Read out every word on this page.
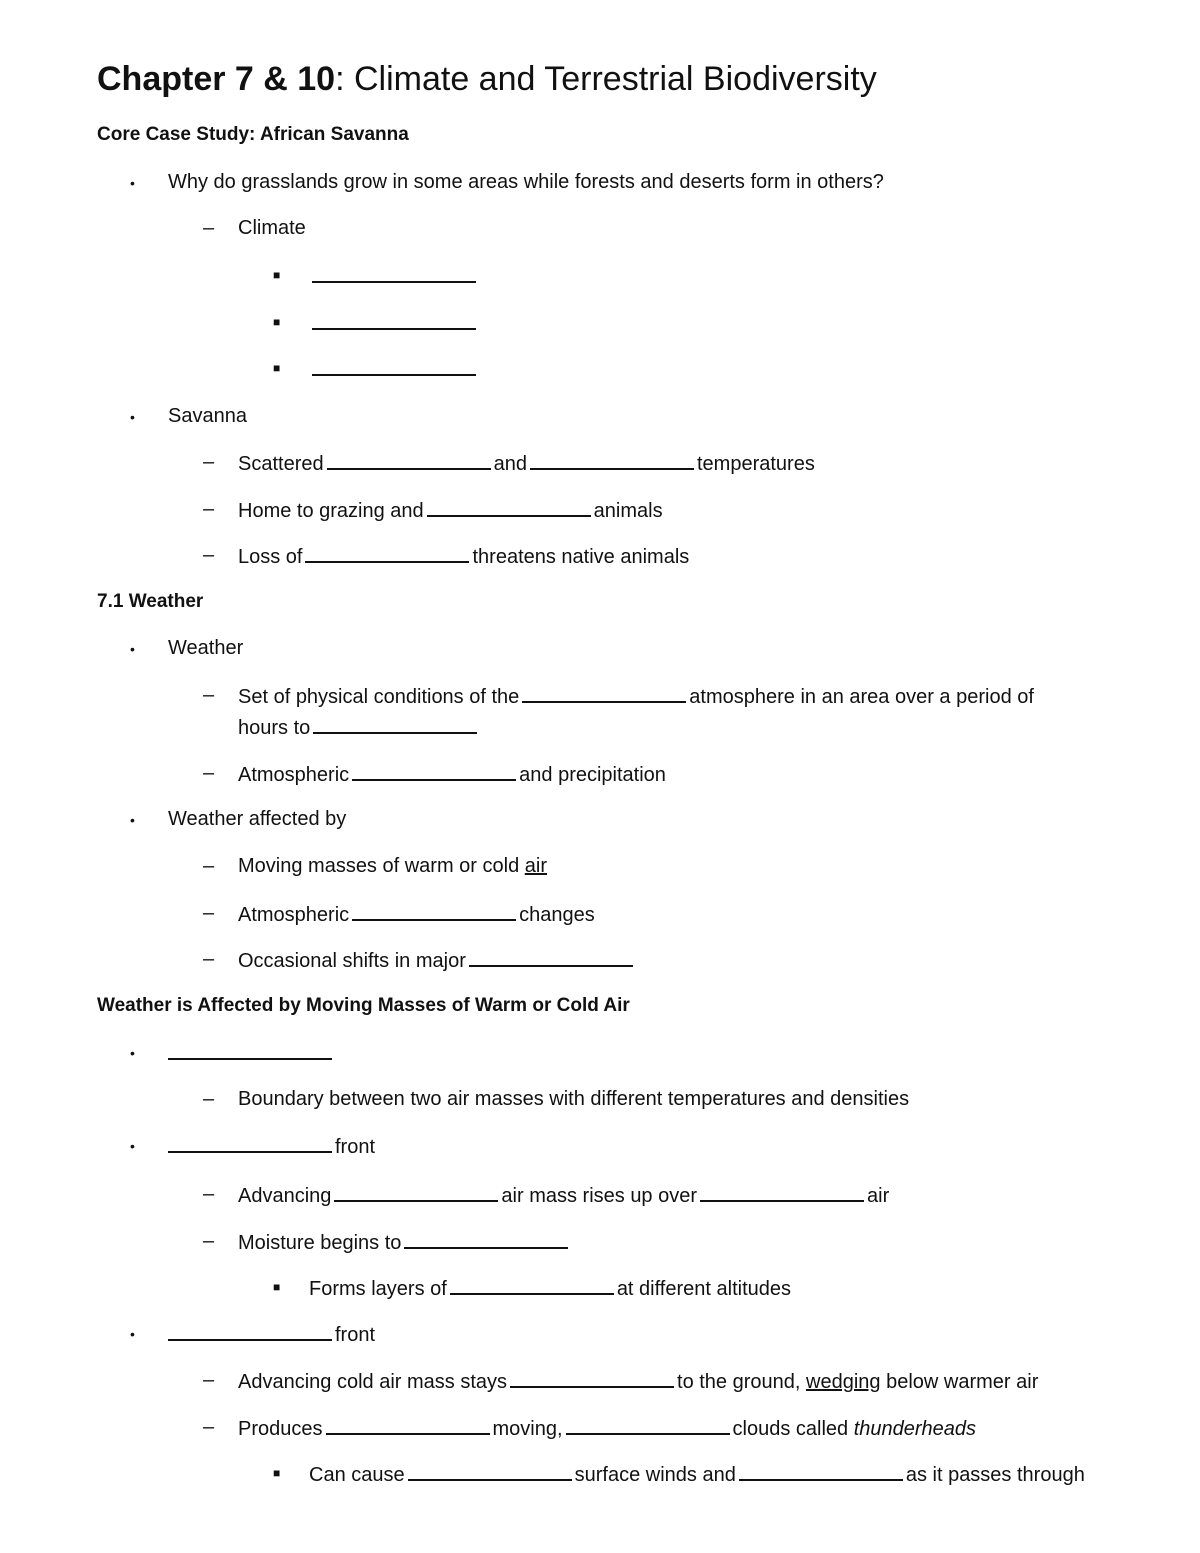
Chapter 7 & 10: Climate and Terrestrial Biodiversity
Core Case Study: African Savanna
• Why do grasslands grow in some areas while forests and deserts form in others?
– Climate
■
■
■
• Savanna
– Scattered	and	temperatures
– Home to grazing and	animals
– Loss of	threatens native animals
7.1 Weather
• Weather
– Set of physical conditions of the	atmosphere in an area over a period of
hours to
– Atmospheric	and precipitation
• Weather affected by
– Moving masses of warm or cold air
– Atmospheric	changes
– Occasional shifts in major
Weather is Affected by Moving Masses of Warm or Cold Air
•
– Boundary between two air masses with different temperatures and densities
•	front
– Advancing	air mass rises up over	air
– Moisture begins to
■ Forms layers of	at different altitudes
•	front
– Advancing cold air mass stays	to the ground, wedging below warmer air
– Produces	moving,	clouds called thunderheads
■ Can cause	surface winds and	as it passes through
